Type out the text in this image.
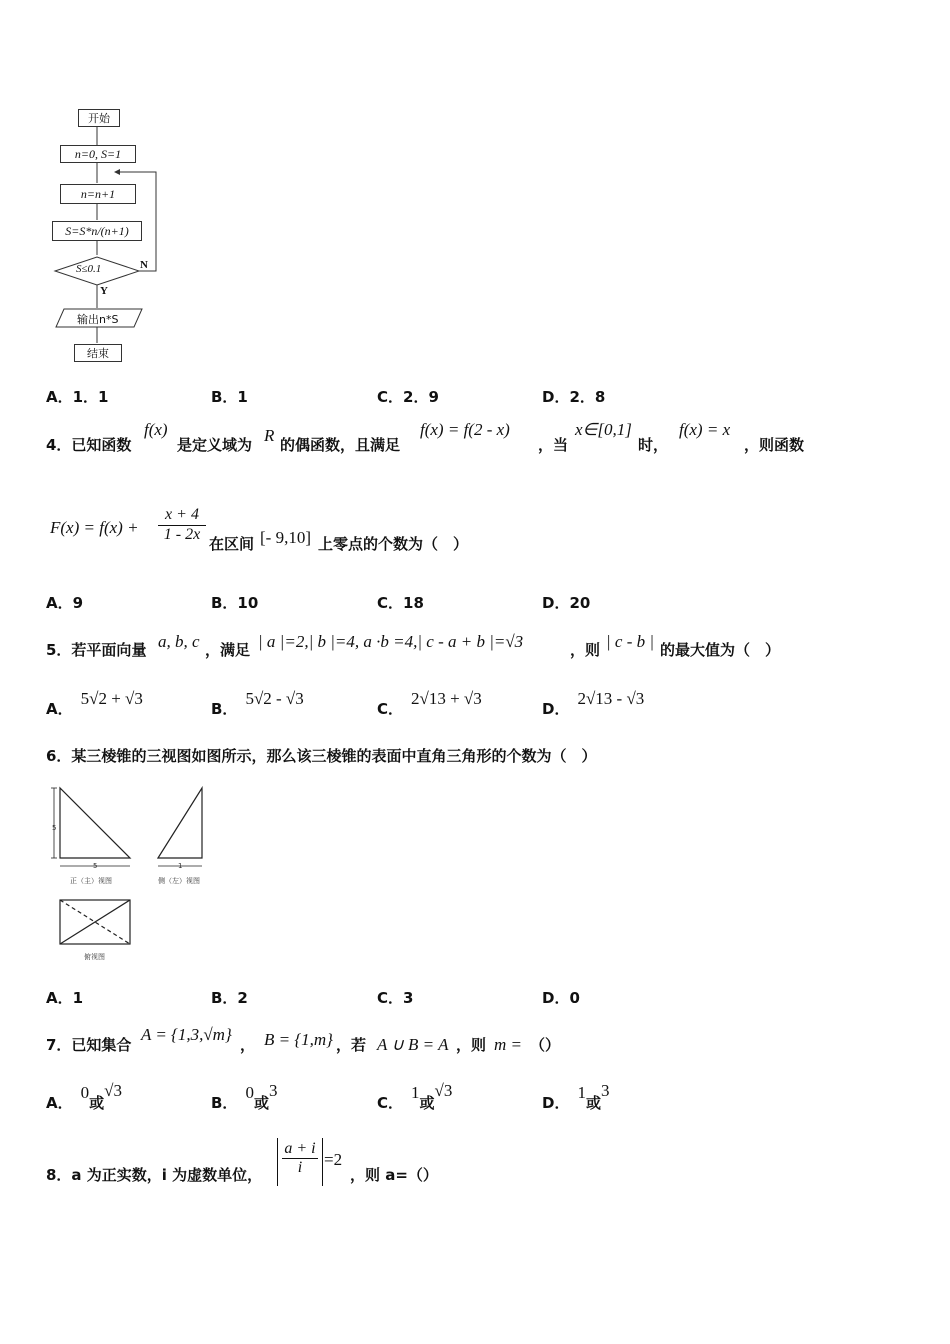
开始
n=0, S=1
n=n+1
S=S*n/(n+1)
S≤0.1
Y
N
输出n*S
结束
A．1．1	B．1	C．2．9	D．2．8
4．已知函数
f(x)
是定义域为 R 的偶函数，且满足
f(x) = f(2 - x)
，当
x∈[0,1]
时，
f(x) = x
，则函数
$F(x) = f(x) + \frac{x + 4}{1 - 2x}$ 在区间 [- 9,10] 上零点的个数为（　）
A．9	B．10	C．18	D．20
5．若平面向量 a, b, c ，满足 | a |=2,| b |=4, a ·b =4,| c - a + b |=√3	，则 | c - b | 的最大值为（　）
A．5√2 + √3
B．5√2 - √3
C．2√13 + √3
D．2√13 - √3
6．某三棱锥的三视图如图所示，那么该三棱锥的表面中直角三角形的个数为（　）
5
5	1
正（主）视图	侧（左）视图
俯视图
A．1	B．2	C．3	D．0
7．已知集合
A = {1,3,√m}
， B = {1,m} ，若 A ∪ B = A ，则 m = （）
A．0或√3
B．0或3
C．1或√3
D．1或3
8．a 为正实数，i 为虚数单位， $\frac{a + i}{i} =2$
，则 a=（）
